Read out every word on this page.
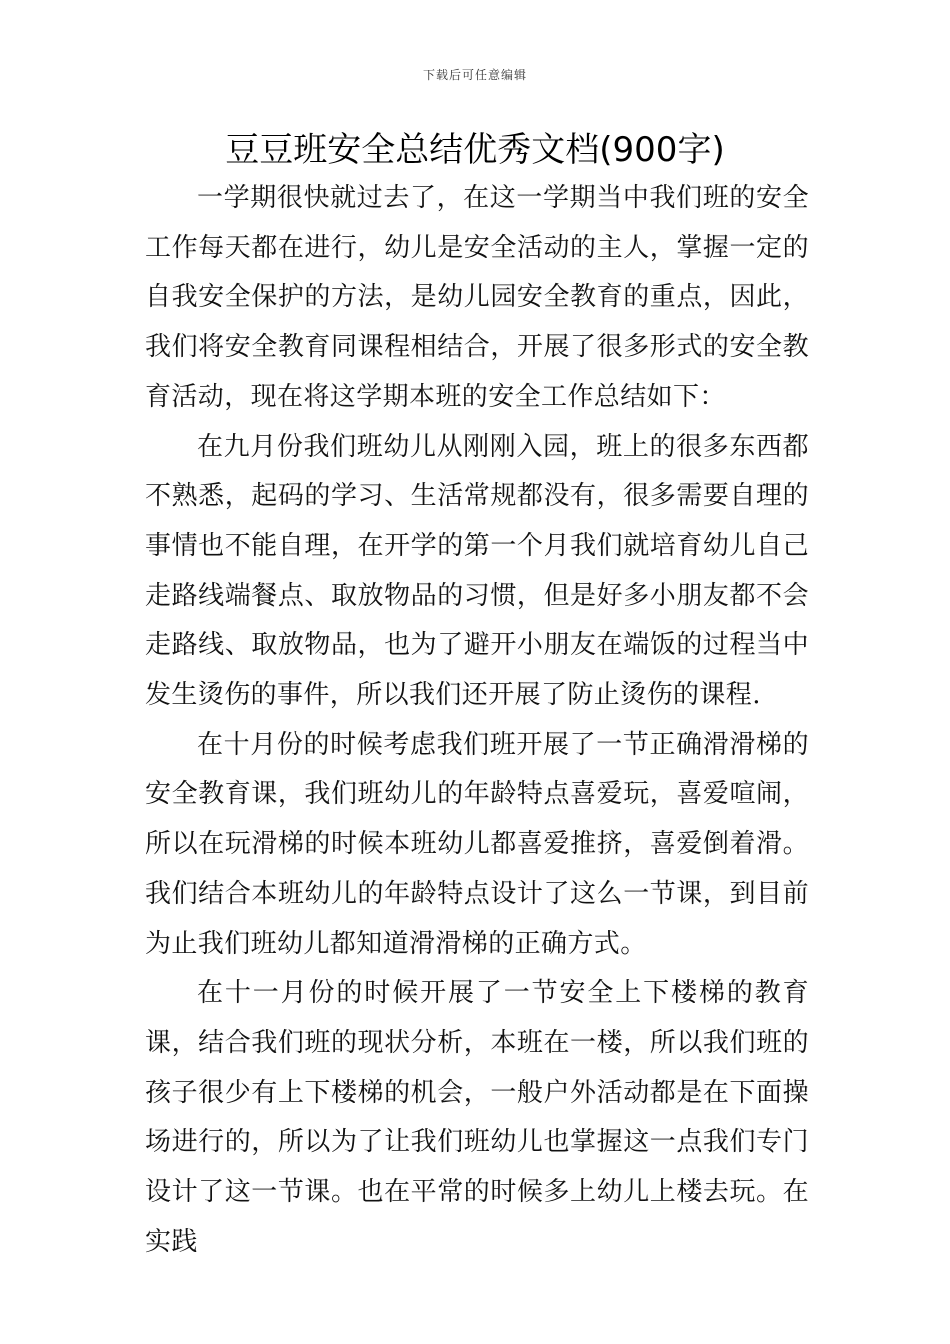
下载后可任意编辑
豆豆班安全总结优秀文档(900字)

一学期很快就过去了，在这一学期当中我们班的安全工作每天都在进行，幼儿是安全活动的主人，掌握一定的自我安全保护的方法，是幼儿园安全教育的重点，因此，我们将安全教育同课程相结合，开展了很多形式的安全教育活动，现在将这学期本班的安全工作总结如下：

在九月份我们班幼儿从刚刚入园，班上的很多东西都不熟悉，起码的学习、生活常规都没有，很多需要自理的事情也不能自理，在开学的第一个月我们就培育幼儿自己走路线端餐点、取放物品的习惯，但是好多小朋友都不会走路线、取放物品，也为了避开小朋友在端饭的过程当中发生烫伤的事件，所以我们还开展了防止烫伤的课程.

在十月份的时候考虑我们班开展了一节正确滑滑梯的安全教育课，我们班幼儿的年龄特点喜爱玩，喜爱喧闹，所以在玩滑梯的时候本班幼儿都喜爱推挤，喜爱倒着滑。我们结合本班幼儿的年龄特点设计了这么一节课，到目前为止我们班幼儿都知道滑滑梯的正确方式。

在十一月份的时候开展了一节安全上下楼梯的教育课，结合我们班的现状分析，本班在一楼，所以我们班的孩子很少有上下楼梯的机会，一般户外活动都是在下面操场进行的，所以为了让我们班幼儿也掌握这一点我们专门设计了这一节课。也在平常的时候多上幼儿上楼去玩。在实践
